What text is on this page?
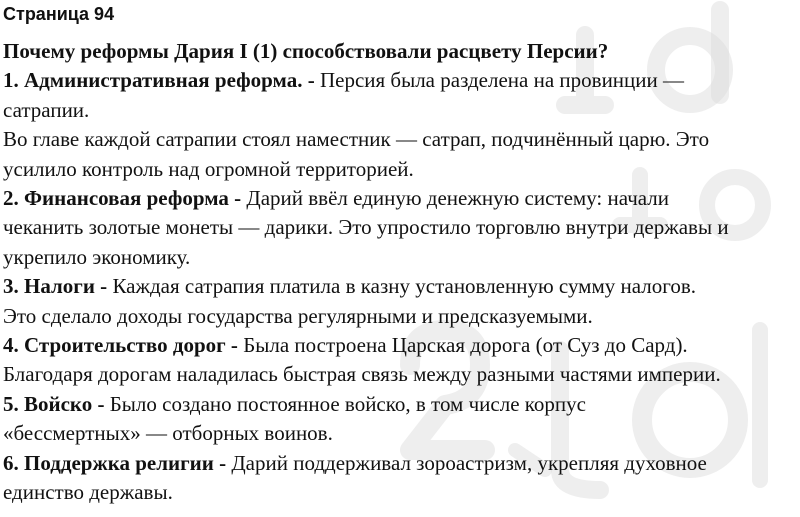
Страница 94
Почему реформы Дария I (1) способствовали расцвету Персии?
1. Административная реформа. - Персия была разделена на провинции —
сатрапии.
Во главе каждой сатрапии стоял наместник — сатрап, подчинённый царю. Это
усилило контроль над огромной территорией.
2. Финансовая реформа - Дарий ввёл единую денежную систему: начали
чеканить золотые монеты — дарики. Это упростило торговлю внутри державы и
укрепило экономику.
3. Налоги - Каждая сатрапия платила в казну установленную сумму налогов.
Это сделало доходы государства регулярными и предсказуемыми.
4. Строительство дорог - Была построена Царская дорога (от Суз до Сард).
Благодаря дорогам наладилась быстрая связь между разными частями империи.
5. Войско - Было создано постоянное войско, в том числе корпус
«бессмертных» — отборных воинов.
6. Поддержка религии - Дарий поддерживал зороастризм, укрепляя духовное
единство державы.
